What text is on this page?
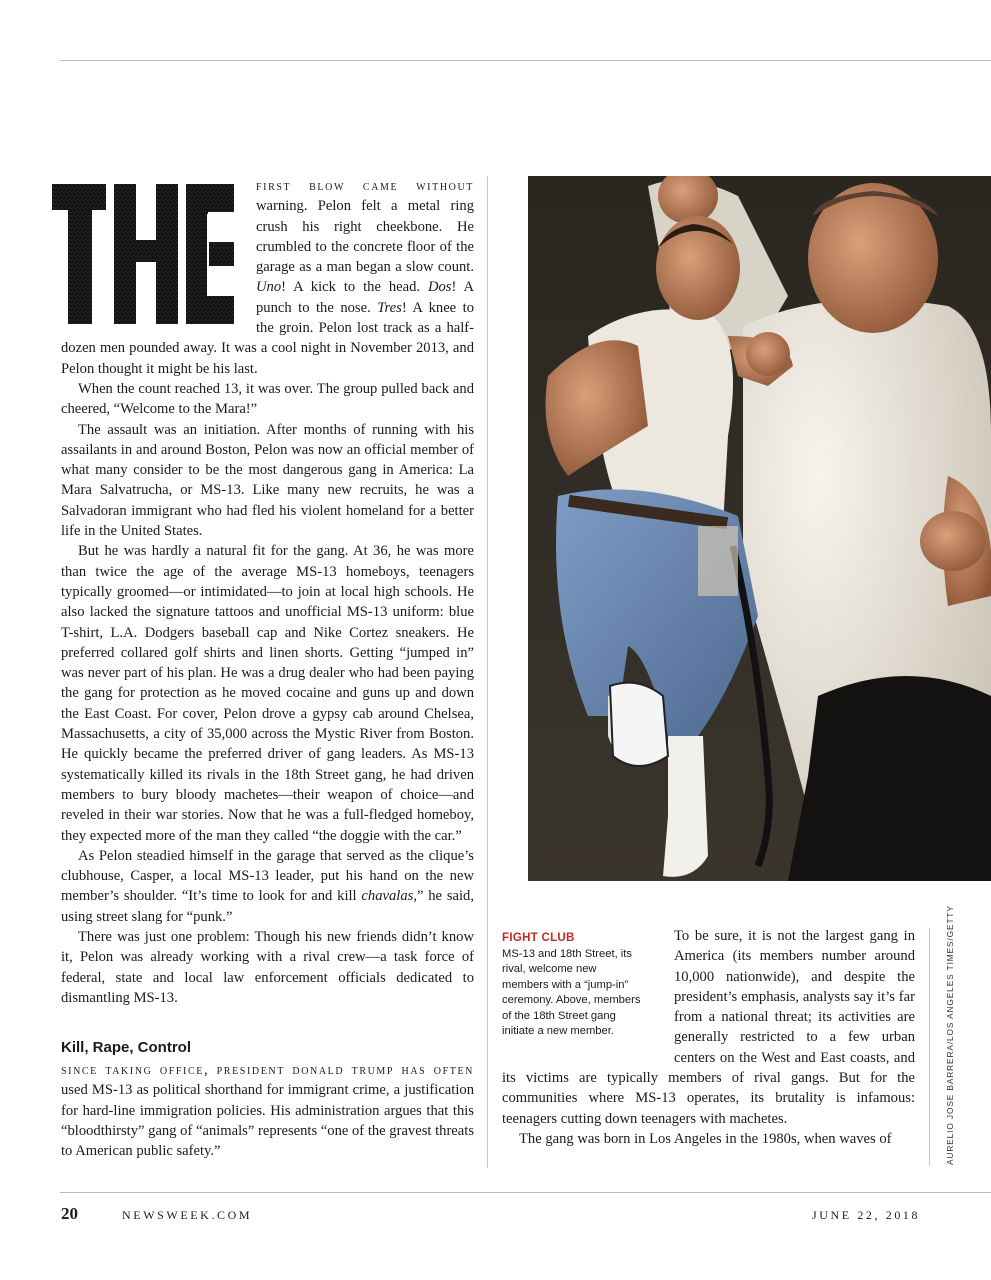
first blow came without warning. Pelon felt a metal ring crush his right cheekbone. He crumbled to the concrete floor of the garage as a man began a slow count. Uno! A kick to the head. Dos! A punch to the nose. Tres! A knee to the groin. Pelon lost track as a half-dozen men pounded away. It was a cool night in November 2013, and Pelon thought it might be his last.

When the count reached 13, it was over. The group pulled back and cheered, “Welcome to the Mara!”

The assault was an initiation. After months of running with his assailants in and around Boston, Pelon was now an official member of what many consider to be the most dangerous gang in America: La Mara Salvatrucha, or MS-13. Like many new recruits, he was a Salvadoran immigrant who had fled his violent homeland for a better life in the United States.

But he was hardly a natural fit for the gang. At 36, he was more than twice the age of the average MS-13 homeboys, teenagers typically groomed—or intimidated—to join at local high schools. He also lacked the signature tattoos and unofficial MS-13 uniform: blue T-shirt, L.A. Dodgers baseball cap and Nike Cortez sneakers. He preferred collared golf shirts and linen shorts. Getting “jumped in” was never part of his plan. He was a drug dealer who had been paying the gang for protection as he moved cocaine and guns up and down the East Coast. For cover, Pelon drove a gypsy cab around Chelsea, Massachusetts, a city of 35,000 across the Mystic River from Boston. He quickly became the preferred driver of gang leaders. As MS-13 systematically killed its rivals in the 18th Street gang, he had driven members to bury bloody machetes—their weapon of choice—and reveled in their war stories. Now that he was a full-fledged homeboy, they expected more of the man they called “the doggie with the car.”

As Pelon steadied himself in the garage that served as the clique’s clubhouse, Casper, a local MS-13 leader, put his hand on the new member’s shoulder. “It’s time to look for and kill chavalas,” he said, using street slang for “punk.”

There was just one problem: Though his new friends didn’t know it, Pelon was already working with a rival crew—a task force of federal, state and local law enforcement officials dedicated to dismantling MS-13.

Kill, Rape, Control

since taking office, president donald trump has often used MS-13 as political shorthand for immigrant crime, a justification for hard-line immigration policies. His administration argues that this “bloodthirsty” gang of “animals” represents “one of the gravest threats to American public safety.”

FIGHT CLUB
MS-13 and 18th Street, its rival, welcome new members with a “jump-in” ceremony. Above, members of the 18th Street gang initiate a new member.

To be sure, it is not the largest gang in America (its members number around 10,000 nationwide), and despite the president’s emphasis, analysts say it’s far from a national threat; its activities are generally restricted to a few urban centers on the West and East coasts, and its victims are typically members of rival gangs. But for the communities where MS-13 operates, its brutality is infamous: teenagers cutting down teenagers with machetes.

The gang was born in Los Angeles in the 1980s, when waves of	AURELIO JOSE BARRERA/LOS ANGELES TIMES/GETTY
20	NEWSWEEK.COM	JUNE 22, 2018
